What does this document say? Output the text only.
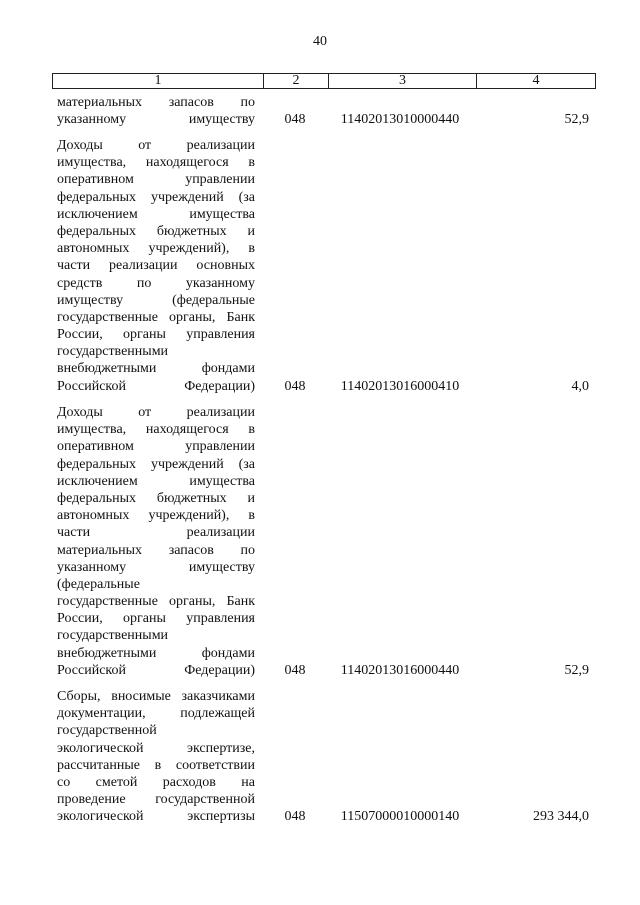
40
1	2	3	4
материальных запасов по
указанному имуществу	048	11402013010000440	52,9
Доходы от реализации
имущества, находящегося в
оперативном управлении
федеральных учреждений (за
исключением имущества
федеральных бюджетных и
автономных учреждений), в
части реализации основных
средств по указанному
имуществу (федеральные
государственные органы, Банк
России, органы управления
государственными
внебюджетными фондами
Российской Федерации)	048	11402013016000410	4,0
Доходы от реализации
имущества, находящегося в
оперативном управлении
федеральных учреждений (за
исключением имущества
федеральных бюджетных и
автономных учреждений), в
части реализации
материальных запасов по
указанному имуществу
(федеральные
государственные органы, Банк
России, органы управления
государственными
внебюджетными фондами
Российской Федерации)	048	11402013016000440	52,9
Сборы, вносимые заказчиками
документации, подлежащей
государственной
экологической экспертизе,
рассчитанные в соответствии
со сметой расходов на
проведение государственной
экологической экспертизы	048	11507000010000140	293 344,0
